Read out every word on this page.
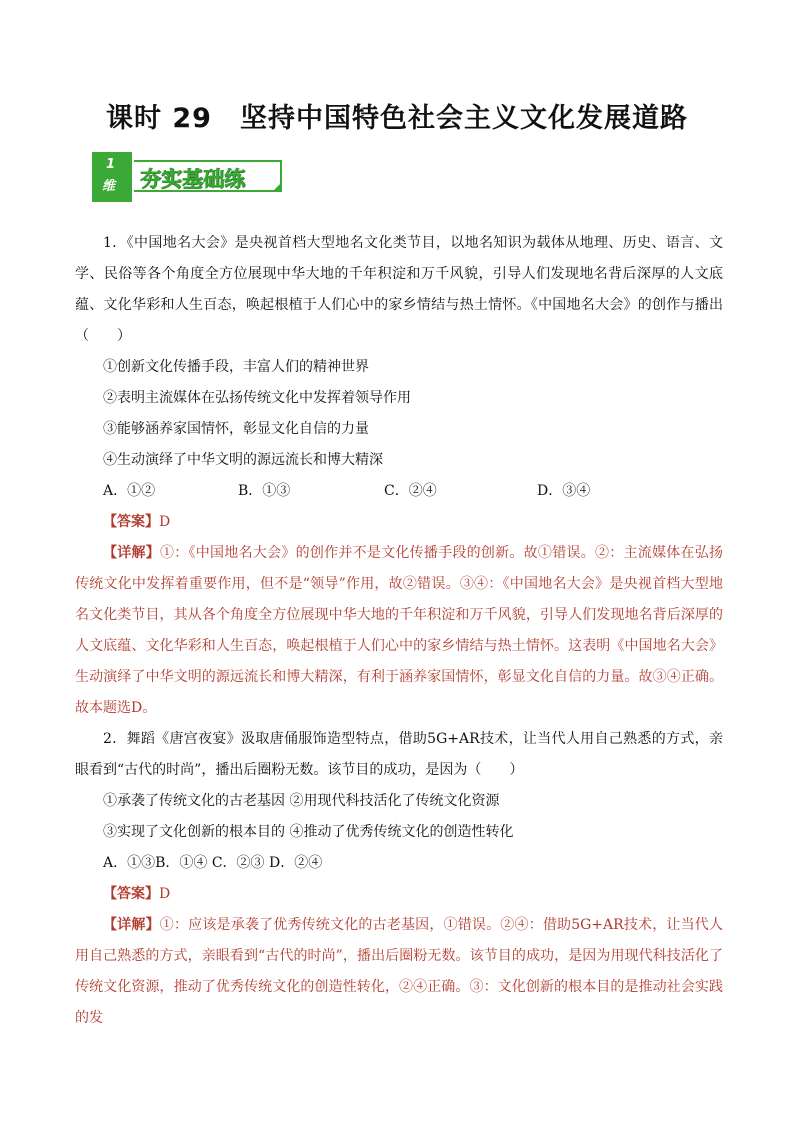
课时 29　坚持中国特色社会主义文化发展道路
1
维 夯实基础练

1．《中国地名大会》是央视首档大型地名文化类节目，以地名知识为载体从地理、历史、语言、文学、民俗等各个角度全方位展现中华大地的千年积淀和万千风貌，引导人们发现地名背后深厚的人文底蕴、文化华彩和人生百态，唤起根植于人们心中的家乡情结与热土情怀。《中国地名大会》的创作与播出（　　）

①创新文化传播手段，丰富人们的精神世界

②表明主流媒体在弘扬传统文化中发挥着领导作用

③能够涵养家国情怀，彰显文化自信的力量

④生动演绎了中华文明的源远流长和博大精深

A．①②	B．①③	C．②④	D．③④

【答案】D

【详解】①：《中国地名大会》的创作并不是文化传播手段的创新。故①错误。②：主流媒体在弘扬传统文化中发挥着重要作用，但不是“领导”作用，故②错误。③④：《中国地名大会》是央视首档大型地名文化类节目，其从各个角度全方位展现中华大地的千年积淀和万千风貌，引导人们发现地名背后深厚的人文底蕴、文化华彩和人生百态，唤起根植于人们心中的家乡情结与热土情怀。这表明《中国地名大会》生动演绎了中华文明的源远流长和博大精深，有利于涵养家国情怀，彰显文化自信的力量。故③④正确。故本题选D。

2．舞蹈《唐宫夜宴》汲取唐俑服饰造型特点，借助5G+AR技术，让当代人用自己熟悉的方式，亲眼看到“古代的时尚”，播出后圈粉无数。该节目的成功，是因为（　　）

①承袭了传统文化的古老基因 ②用现代科技活化了传统文化资源

③实现了文化创新的根本目的 ④推动了优秀传统文化的创造性转化

A．①③B．①④ C．②③ D．②④

【答案】D

【详解】①：应该是承袭了优秀传统文化的古老基因，①错误。②④：借助5G+AR技术，让当代人用自己熟悉的方式，亲眼看到“古代的时尚”，播出后圈粉无数。该节目的成功，是因为用现代科技活化了传统文化资源，推动了优秀传统文化的创造性转化，②④正确。③：文化创新的根本目的是推动社会实践的发
